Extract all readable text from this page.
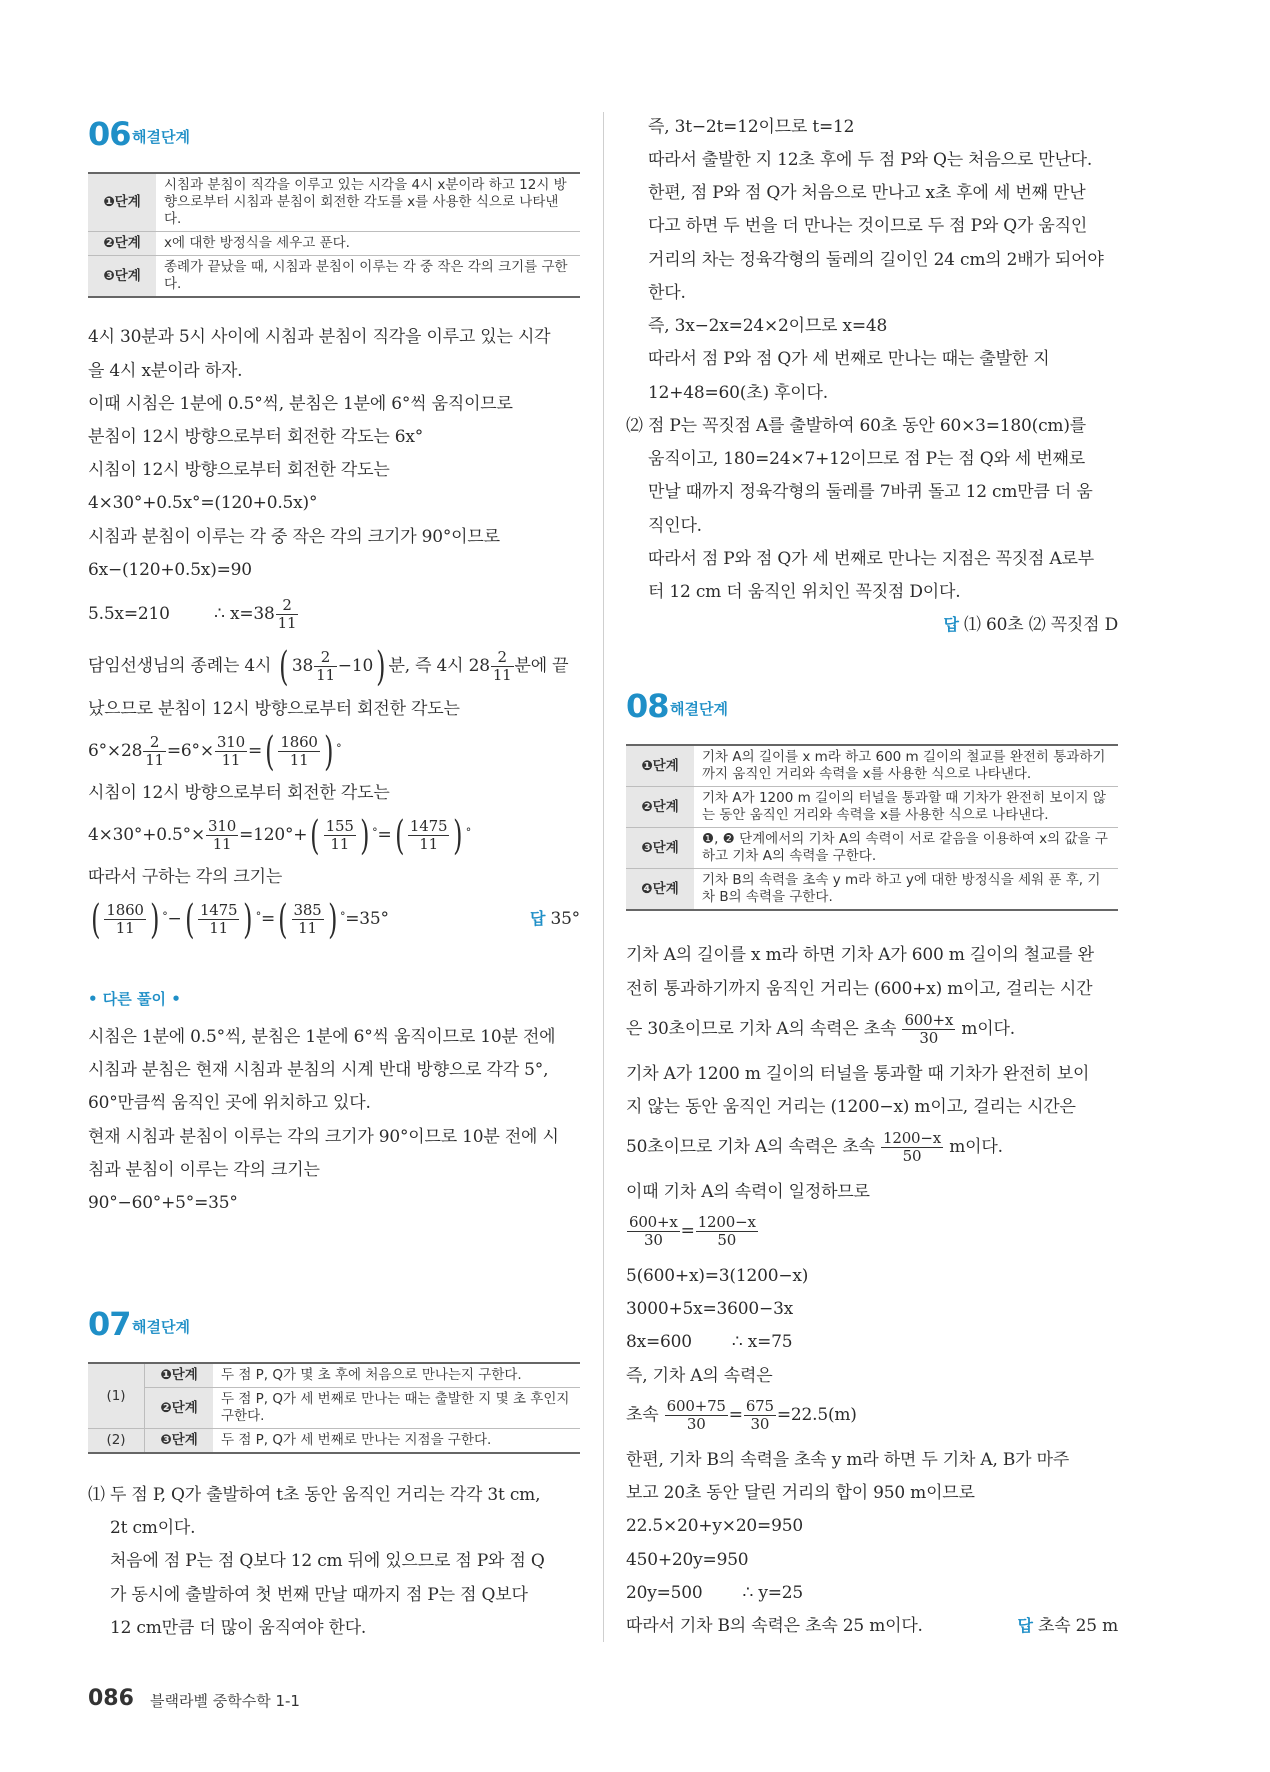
06 해결단계
❶단계	시침과 분침이 직각을 이루고 있는 시각을 4시 x분이라 하고 12시 방향으로부터 시침과 분침이 회전한 각도를 x를 사용한 식으로 나타낸다.
❷단계	x에 대한 방정식을 세우고 푼다.
❸단계	종례가 끝났을 때, 시침과 분침이 이루는 각 중 작은 각의 크기를 구한다.
4시 30분과 5시 사이에 시침과 분침이 직각을 이루고 있는 시각
을 4시 x분이라 하자.
이때 시침은 1분에 0.5°씩, 분침은 1분에 6°씩 움직이므로
분침이 12시 방향으로부터 회전한 각도는 6x°
시침이 12시 방향으로부터 회전한 각도는
4×30°+0.5x°=(120+0.5x)°
시침과 분침이 이루는 각 중 작은 각의 크기가 90°이므로
6x−(120+0.5x)=90
5.5x=210	∴ $x=38 \frac{2}{11}$
담임선생님의 종례는 4시 ( $38 \frac{2}{11} -10$) 분, 즉 4시 $28 \frac{2}{11}$ 분에 끝
났으므로 분침이 12시 방향으로부터 회전한 각도는
$6^\circ\times 28 \frac{2}{11} =6^\circ\times \frac{310}{11}$ =( $\frac{1860}{11}$ ) °
시침이 12시 방향으로부터 회전한 각도는
$4\times 30^\circ+0.5^\circ\times \frac{310}{11} =120^\circ+( \frac{155}{11}$ ) $^\circ=( \frac{1475}{11}$ ) °
따라서 구하는 각의 크기는
( $\frac{1860}{11}$ ) $^\circ-( \frac{1475}{11}$ ) $^\circ=( \frac{385}{11}$ ) °=35°	답 35°
• 다른 풀이 •
시침은 1분에 0.5°씩, 분침은 1분에 6°씩 움직이므로 10분 전에
시침과 분침은 현재 시침과 분침의 시계 반대 방향으로 각각 5°,
60°만큼씩 움직인 곳에 위치하고 있다.
현재 시침과 분침이 이루는 각의 크기가 90°이므로 10분 전에 시
침과 분침이 이루는 각의 크기는
90°−60°+5°=35°
07 해결단계
(1)	❶단계	두 점 P, Q가 몇 초 후에 처음으로 만나는지 구한다.
	❷단계	두 점 P, Q가 세 번째로 만나는 때는 출발한 지 몇 초 후인지 구한다.
(2)	❸단계	두 점 P, Q가 세 번째로 만나는 지점을 구한다.
⑴ 두 점 P, Q가 출발하여 t초 동안 움직인 거리는 각각 3t cm,
2t cm이다.
처음에 점 P는 점 Q보다 12 cm 뒤에 있으므로 점 P와 점 Q
가 동시에 출발하여 첫 번째 만날 때까지 점 P는 점 Q보다
12 cm만큼 더 많이 움직여야 한다.
즉, 3t−2t=12이므로 t=12
따라서 출발한 지 12초 후에 두 점 P와 Q는 처음으로 만난다.
한편, 점 P와 점 Q가 처음으로 만나고 x초 후에 세 번째 만난
다고 하면 두 번을 더 만나는 것이므로 두 점 P와 Q가 움직인
거리의 차는 정육각형의 둘레의 길이인 24 cm의 2배가 되어야
한다.
즉, 3x−2x=24×2이므로 x=48
따라서 점 P와 점 Q가 세 번째로 만나는 때는 출발한 지
12+48=60(초) 후이다.
⑵ 점 P는 꼭짓점 A를 출발하여 60초 동안 60×3=180(cm)를
움직이고, 180=24×7+12이므로 점 P는 점 Q와 세 번째로
만날 때까지 정육각형의 둘레를 7바퀴 돌고 12 cm만큼 더 움
직인다.
따라서 점 P와 점 Q가 세 번째로 만나는 지점은 꼭짓점 A로부
터 12 cm 더 움직인 위치인 꼭짓점 D이다.
답 ⑴ 60초 ⑵ 꼭짓점 D
08 해결단계
❶단계	기차 A의 길이를 x m라 하고 600 m 길이의 철교를 완전히 통과하기까지 움직인 거리와 속력을 x를 사용한 식으로 나타낸다.
❷단계	기차 A가 1200 m 길이의 터널을 통과할 때 기차가 완전히 보이지 않는 동안 움직인 거리와 속력을 x를 사용한 식으로 나타낸다.
❸단계	❶, ❷ 단계에서의 기차 A의 속력이 서로 같음을 이용하여 x의 값을 구하고 기차 A의 속력을 구한다.
❹단계	기차 B의 속력을 초속 y m라 하고 y에 대한 방정식을 세워 푼 후, 기차 B의 속력을 구한다.
기차 A의 길이를 x m라 하면 기차 A가 600 m 길이의 철교를 완
전히 통과하기까지 움직인 거리는 (600+x) m이고, 걸리는 시간
은 30초이므로 기차 A의 속력은 초속 $\frac{600+x}{30}$ m이다.
기차 A가 1200 m 길이의 터널을 통과할 때 기차가 완전히 보이
지 않는 동안 움직인 거리는 (1200−x) m이고, 걸리는 시간은
50초이므로 기차 A의 속력은 초속 $\frac{1200-x}{50}$ m이다.
이때 기차 A의 속력이 일정하므로
$\frac{600+x}{30} = \frac{1200-x}{50}$
5(600+x)=3(1200−x)
3000+5x=3600−3x
8x=600 ∴ x=75
즉, 기차 A의 속력은
초속 $\frac{600+75}{30} = \frac{675}{30} =22.5(m)$
한편, 기차 B의 속력을 초속 y m라 하면 두 기차 A, B가 마주
보고 20초 동안 달린 거리의 합이 950 m이므로
22.5×20+y×20=950
450+20y=950
20y=500 ∴ y=25
따라서 기차 B의 속력은 초속 25 m이다.	답 초속 25 m
086 블랙라벨 중학수학 1-1
